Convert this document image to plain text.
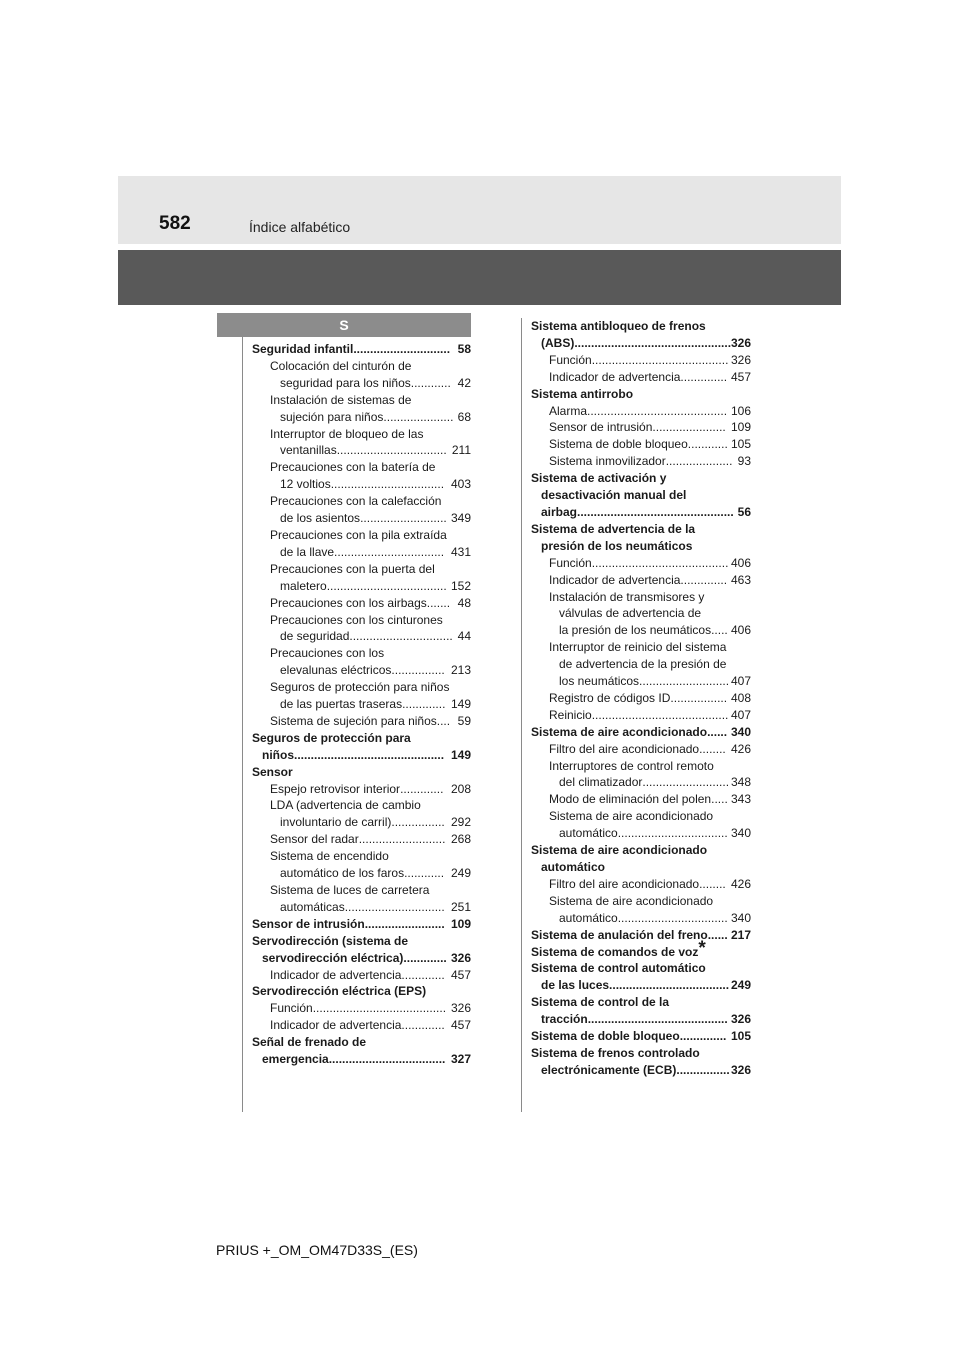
582	Índice alfabético
S
Seguridad infantil ............................. 58
Colocación del cinturón de
seguridad para los niños ............ 42
Instalación de sistemas de
sujeción para niños ..................... 68
Interruptor de bloqueo de las
ventanillas ................................. 211
Precauciones con la batería de
12 voltios .................................. 403
Precauciones con la calefacción
de los asientos .......................... 349
Precauciones con la pila extraída
de la llave ................................. 431
Precauciones con la puerta del
maletero .................................... 152
Precauciones con los airbags ....... 48
Precauciones con los cinturones
de seguridad ............................... 44
Precauciones con los
elevalunas eléctricos ................ 213
Seguros de protección para niños
de las puertas traseras ............. 149
Sistema de sujeción para niños .... 59
Seguros de protección para
niños ............................................. 149
Sensor
Espejo retrovisor interior ............. 208
LDA (advertencia de cambio
involuntario de carril) ................ 292
Sensor del radar .......................... 268
Sistema de encendido
automático de los faros ............ 249
Sistema de luces de carretera
automáticas .............................. 251
Sensor de intrusión ........................ 109
Servodirección (sistema de
servodirección eléctrica) ............. 326
Indicador de advertencia ............. 457
Servodirección eléctrica (EPS)
Función ........................................ 326
Indicador de advertencia ............. 457
Señal de frenado de
emergencia ................................... 327
Sistema antibloqueo de frenos
(ABS) ............................................... 326
Función ......................................... 326
Indicador de advertencia .............. 457
Sistema antirrobo
Alarma .......................................... 106
Sensor de intrusión ...................... 109
Sistema de doble bloqueo ............ 105
Sistema inmovilizador .................... 93
Sistema de activación y
desactivación manual del
airbag ............................................... 56
Sistema de advertencia de la
presión de los neumáticos
Función ......................................... 406
Indicador de advertencia .............. 463
Instalación de transmisores y
válvulas de advertencia de
la presión de los neumáticos ..... 406
Interruptor de reinicio del sistema
de advertencia de la presión de
los neumáticos ........................... 407
Registro de códigos ID ................. 408
Reinicio ......................................... 407
Sistema de aire acondicionado ...... 340
Filtro del aire acondicionado ........ 426
Interruptores de control remoto
del climatizador .......................... 348
Modo de eliminación del polen ..... 343
Sistema de aire acondicionado
automático ................................. 340
Sistema de aire acondicionado
automático
Filtro del aire acondicionado ........ 426
Sistema de aire acondicionado
automático ................................. 340
Sistema de anulación del freno ...... 217
Sistema de comandos de voz*
Sistema de control automático
de las luces .................................... 249
Sistema de control de la
tracción .......................................... 326
Sistema de doble bloqueo .............. 105
Sistema de frenos controlado
electrónicamente (ECB) ................ 326
PRIUS +_OM_OM47D33S_(ES)
